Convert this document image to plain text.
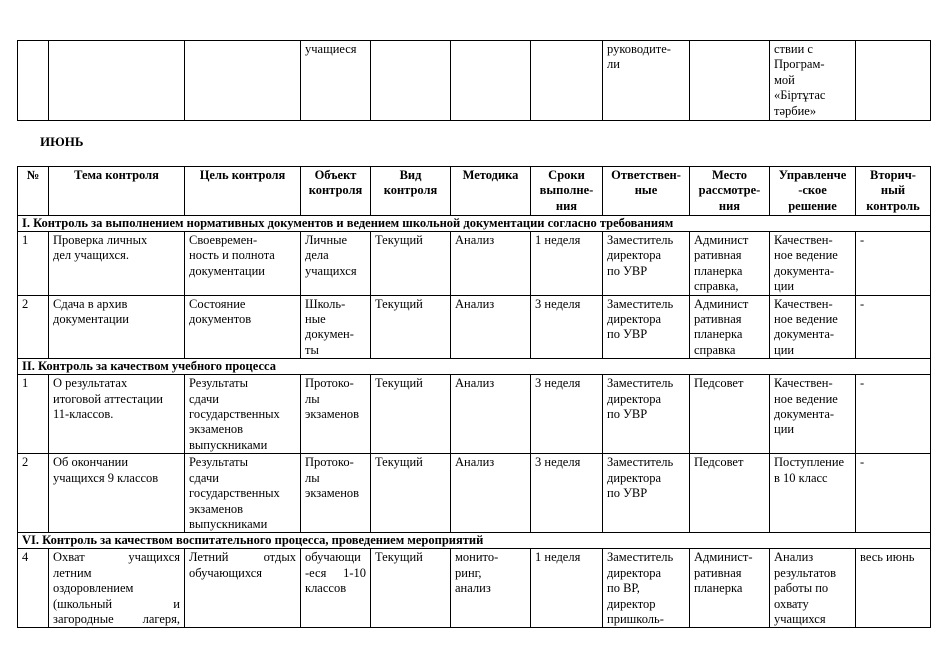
			учащиеся				руководите-
ли		ствии с
Програм-
мой
«Біртұтас
тәрбие»	
ИЮНЬ
№	Тема контроля	Цель контроля	Объект
контроля	Вид
контроля	Методика	Сроки
выполне-
ния	Ответствен-
ные	Место
рассмотре-
ния	Управленче
-ское
решение	Вторич-
ный
контроль
I. Контроль за выполнением нормативных документов и ведением школьной документации согласно требованиям										
1	Проверка личных
дел учащихся.	Своевремен-
ность и полнота
документации	Личные
дела
учащихся	Текущий	Анализ	1 неделя	Заместитель
директора
по УВР	Админист
ративная
планерка
справка,	Качествен-
ное ведение
документа-
ции	-
2	Сдача в архив
документации	Состояние
документов	Школь-
ные
докумен-
ты	Текущий	Анализ	3 неделя	Заместитель
директора
по УВР	Админист
ративная
планерка
справка	Качествен-
ное ведение
документа-
ции	-
II. Контроль за качеством учебного процесса										
1	О результатах
итоговой аттестации
11-классов.	Результаты
сдачи
государственных
экзаменов
выпускниками	Протоко-
лы
экзаменов	Текущий	Анализ	3 неделя	Заместитель
директора
по УВР	Педсовет	Качествен-
ное ведение
документа-
ции	-
2	Об окончании
учащихся 9 классов	Результаты
сдачи
государственных
экзаменов
выпускниками	Протоко-
лы
экзаменов	Текущий	Анализ	3 неделя	Заместитель
директора
по УВР	Педсовет	Поступление
в 10 класс	-
VI. Контроль за качеством воспитательного процесса, проведением мероприятий										
4	Охват учащихся
летним
оздоровлением
(школьный и
загородные лагеря,	Летний отдых
обучающихся	обучающи
-еся 1-10
классов	Текущий	монито-
ринг,
анализ	1 неделя	Заместитель
директора
по ВР,
директор
пришколь-	Админист-
ративная
планерка	Анализ
результатов
работы по
охвату
учащихся	весь июнь
